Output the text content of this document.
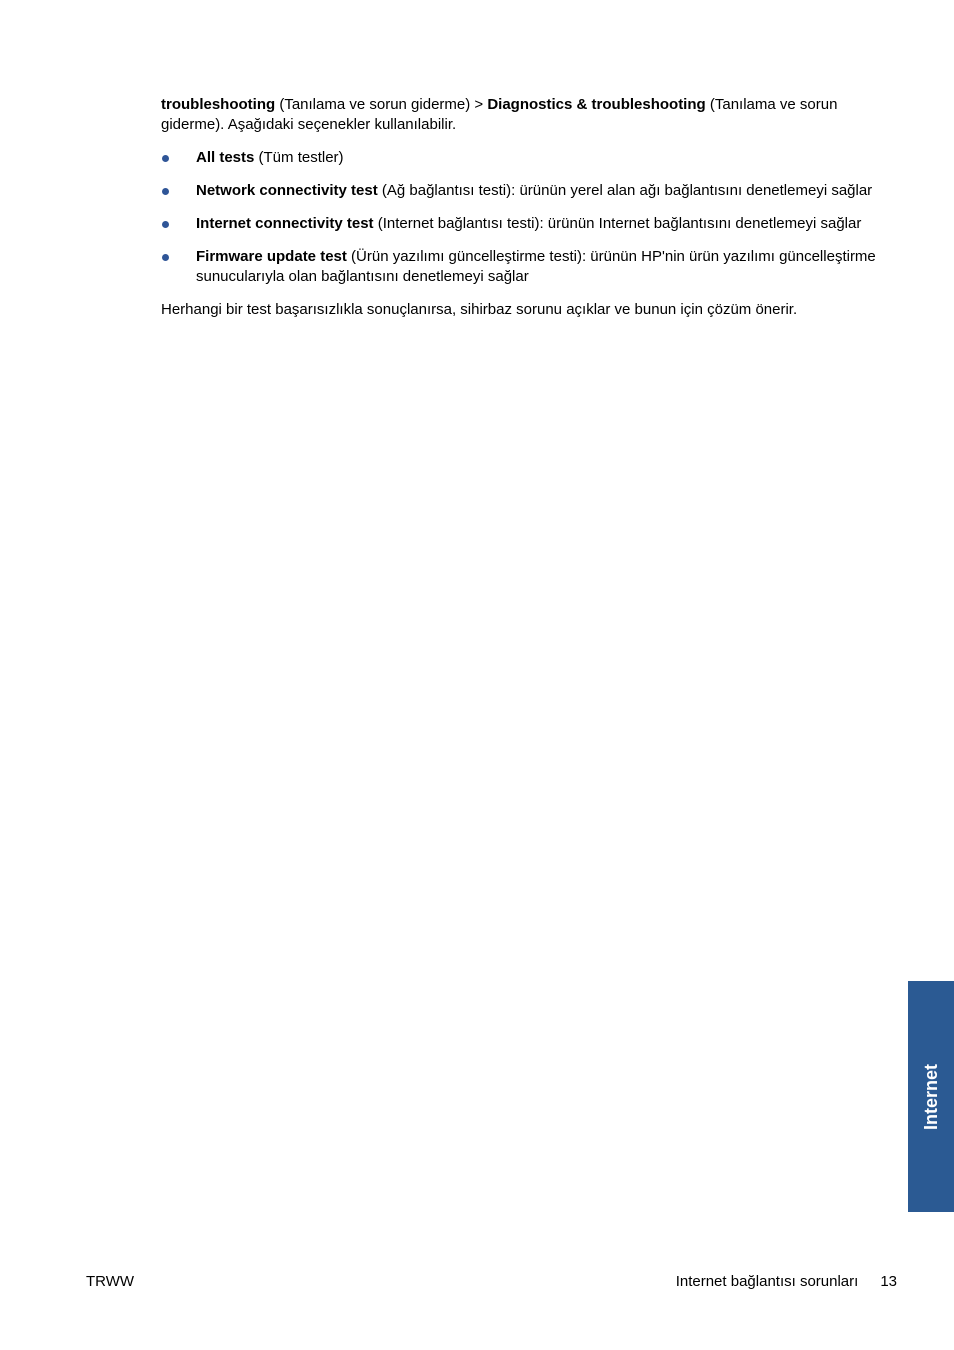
troubleshooting (Tanılama ve sorun giderme) > Diagnostics & troubleshooting (Tanılama ve sorun giderme). Aşağıdaki seçenekler kullanılabilir.

All tests (Tüm testler)
Network connectivity test (Ağ bağlantısı testi): ürünün yerel alan ağı bağlantısını denetlemeyi sağlar
Internet connectivity test (Internet bağlantısı testi): ürünün Internet bağlantısını denetlemeyi sağlar
Firmware update test (Ürün yazılımı güncelleştirme testi): ürünün HP'nin ürün yazılımı güncelleştirme sunucularıyla olan bağlantısını denetlemeyi sağlar

Herhangi bir test başarısızlıkla sonuçlanırsa, sihirbaz sorunu açıklar ve bunun için çözüm önerir.

Internet
TRWW	Internet bağlantısı sorunları 13
